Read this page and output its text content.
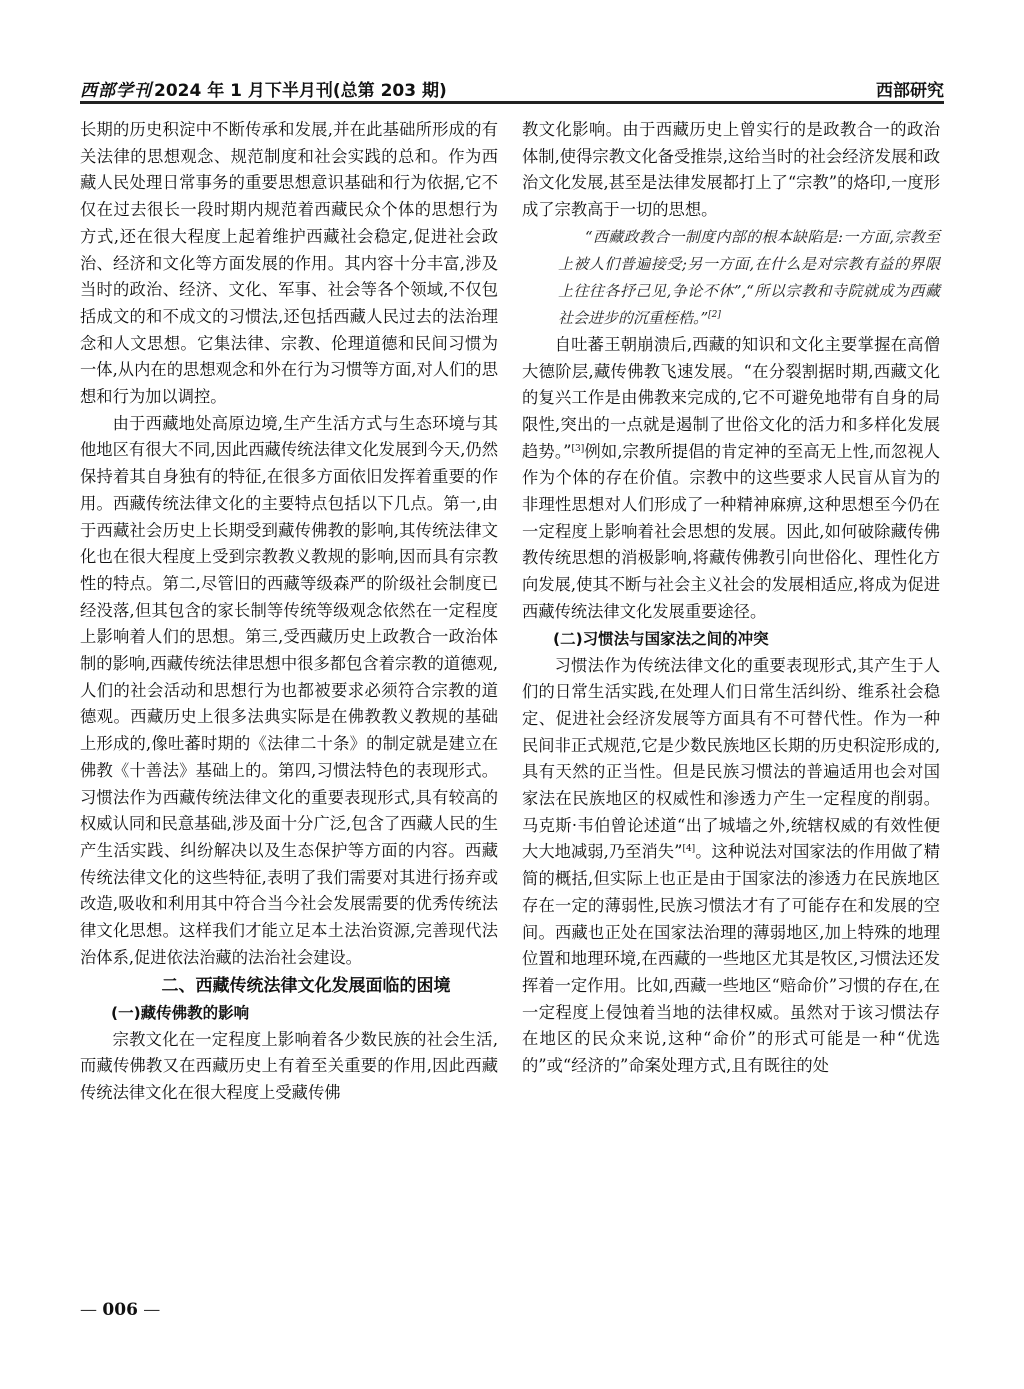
西部学刊 2024 年 1 月下半月刊(总第 203 期)	西部研究

长期的历史积淀中不断传承和发展,并在此基础所形成的有关法律的思想观念、规范制度和社会实践的总和。作为西藏人民处理日常事务的重要思想意识基础和行为依据,它不仅在过去很长一段时期内规范着西藏民众个体的思想行为方式,还在很大程度上起着维护西藏社会稳定,促进社会政治、经济和文化等方面发展的作用。其内容十分丰富,涉及当时的政治、经济、文化、军事、社会等各个领域,不仅包括成文的和不成文的习惯法,还包括西藏人民过去的法治理念和人文思想。它集法律、宗教、伦理道德和民间习惯为一体,从内在的思想观念和外在行为习惯等方面,对人们的思想和行为加以调控。

由于西藏地处高原边境,生产生活方式与生态环境与其他地区有很大不同,因此西藏传统法律文化发展到今天,仍然保持着其自身独有的特征,在很多方面依旧发挥着重要的作用。西藏传统法律文化的主要特点包括以下几点。第一,由于西藏社会历史上长期受到藏传佛教的影响,其传统法律文化也在很大程度上受到宗教教义教规的影响,因而具有宗教性的特点。第二,尽管旧的西藏等级森严的阶级社会制度已经没落,但其包含的家长制等传统等级观念依然在一定程度上影响着人们的思想。第三,受西藏历史上政教合一政治体制的影响,西藏传统法律思想中很多都包含着宗教的道德观,人们的社会活动和思想行为也都被要求必须符合宗教的道德观。西藏历史上很多法典实际是在佛教教义教规的基础上形成的,像吐蕃时期的《法律二十条》的制定就是建立在佛教《十善法》基础上的。第四,习惯法特色的表现形式。习惯法作为西藏传统法律文化的重要表现形式,具有较高的权威认同和民意基础,涉及面十分广泛,包含了西藏人民的生产生活实践、纠纷解决以及生态保护等方面的内容。西藏传统法律文化的这些特征,表明了我们需要对其进行扬弃或改造,吸收和利用其中符合当今社会发展需要的优秀传统法律文化思想。这样我们才能立足本土法治资源,完善现代法治体系,促进依法治藏的法治社会建设。

二、西藏传统法律文化发展面临的困境

(一)藏传佛教的影响

宗教文化在一定程度上影响着各少数民族的社会生活,而藏传佛教又在西藏历史上有着至关重要的作用,因此西藏传统法律文化在很大程度上受藏传佛

教文化影响。由于西藏历史上曾实行的是政教合一的政治体制,使得宗教文化备受推崇,这给当时的社会经济发展和政治文化发展,甚至是法律发展都打上了“宗教”的烙印,一度形成了宗教高于一切的思想。

“西藏政教合一制度内部的根本缺陷是:一方面,宗教至上被人们普遍接受;另一方面,在什么是对宗教有益的界限上往往各抒己见,争论不休”,“所以宗教和寺院就成为西藏社会进步的沉重桎梏。”[2]

自吐蕃王朝崩溃后,西藏的知识和文化主要掌握在高僧大德阶层,藏传佛教飞速发展。“在分裂割据时期,西藏文化的复兴工作是由佛教来完成的,它不可避免地带有自身的局限性,突出的一点就是遏制了世俗文化的活力和多样化发展趋势。”[3]例如,宗教所提倡的肯定神的至高无上性,而忽视人作为个体的存在价值。宗教中的这些要求人民盲从盲为的非理性思想对人们形成了一种精神麻痹,这种思想至今仍在一定程度上影响着社会思想的发展。因此,如何破除藏传佛教传统思想的消极影响,将藏传佛教引向世俗化、理性化方向发展,使其不断与社会主义社会的发展相适应,将成为促进西藏传统法律文化发展重要途径。

(二)习惯法与国家法之间的冲突

习惯法作为传统法律文化的重要表现形式,其产生于人们的日常生活实践,在处理人们日常生活纠纷、维系社会稳定、促进社会经济发展等方面具有不可替代性。作为一种民间非正式规范,它是少数民族地区长期的历史积淀形成的,具有天然的正当性。但是民族习惯法的普遍适用也会对国家法在民族地区的权威性和渗透力产生一定程度的削弱。马克斯·韦伯曾论述道“出了城墙之外,统辖权威的有效性便大大地减弱,乃至消失”[4]。这种说法对国家法的作用做了精简的概括,但实际上也正是由于国家法的渗透力在民族地区存在一定的薄弱性,民族习惯法才有了可能存在和发展的空间。西藏也正处在国家法治理的薄弱地区,加上特殊的地理位置和地理环境,在西藏的一些地区尤其是牧区,习惯法还发挥着一定作用。比如,西藏一些地区“赔命价”习惯的存在,在一定程度上侵蚀着当地的法律权威。虽然对于该习惯法存在地区的民众来说,这种“命价”的形式可能是一种“优选的”或“经济的”命案处理方式,且有既往的处

— 006 —
